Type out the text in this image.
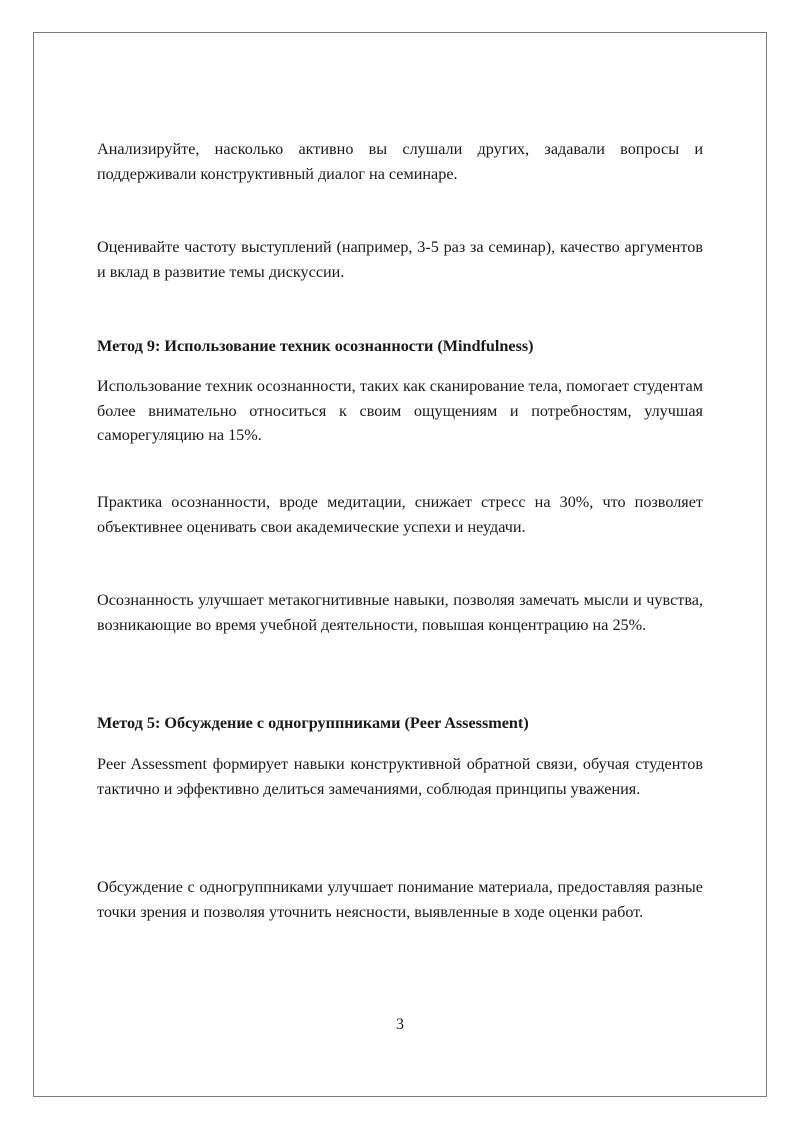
Анализируйте, насколько активно вы слушали других, задавали вопросы и поддерживали конструктивный диалог на семинаре.

Оценивайте частоту выступлений (например, 3-5 раз за семинар), качество аргументов и вклад в развитие темы дискуссии.

Метод 9: Использование техник осознанности (Mindfulness)

Использование техник осознанности, таких как сканирование тела, помогает студентам более внимательно относиться к своим ощущениям и потребностям, улучшая саморегуляцию на 15%.

Практика осознанности, вроде медитации, снижает стресс на 30%, что позволяет объективнее оценивать свои академические успехи и неудачи.

Осознанность улучшает метакогнитивные навыки, позволяя замечать мысли и чувства, возникающие во время учебной деятельности, повышая концентрацию на 25%.

Метод 5: Обсуждение с одногруппниками (Peer Assessment)

Peer Assessment формирует навыки конструктивной обратной связи, обучая студентов тактично и эффективно делиться замечаниями, соблюдая принципы уважения.

Обсуждение с одногруппниками улучшает понимание материала, предоставляя разные точки зрения и позволяя уточнить неясности, выявленные в ходе оценки работ.

3
